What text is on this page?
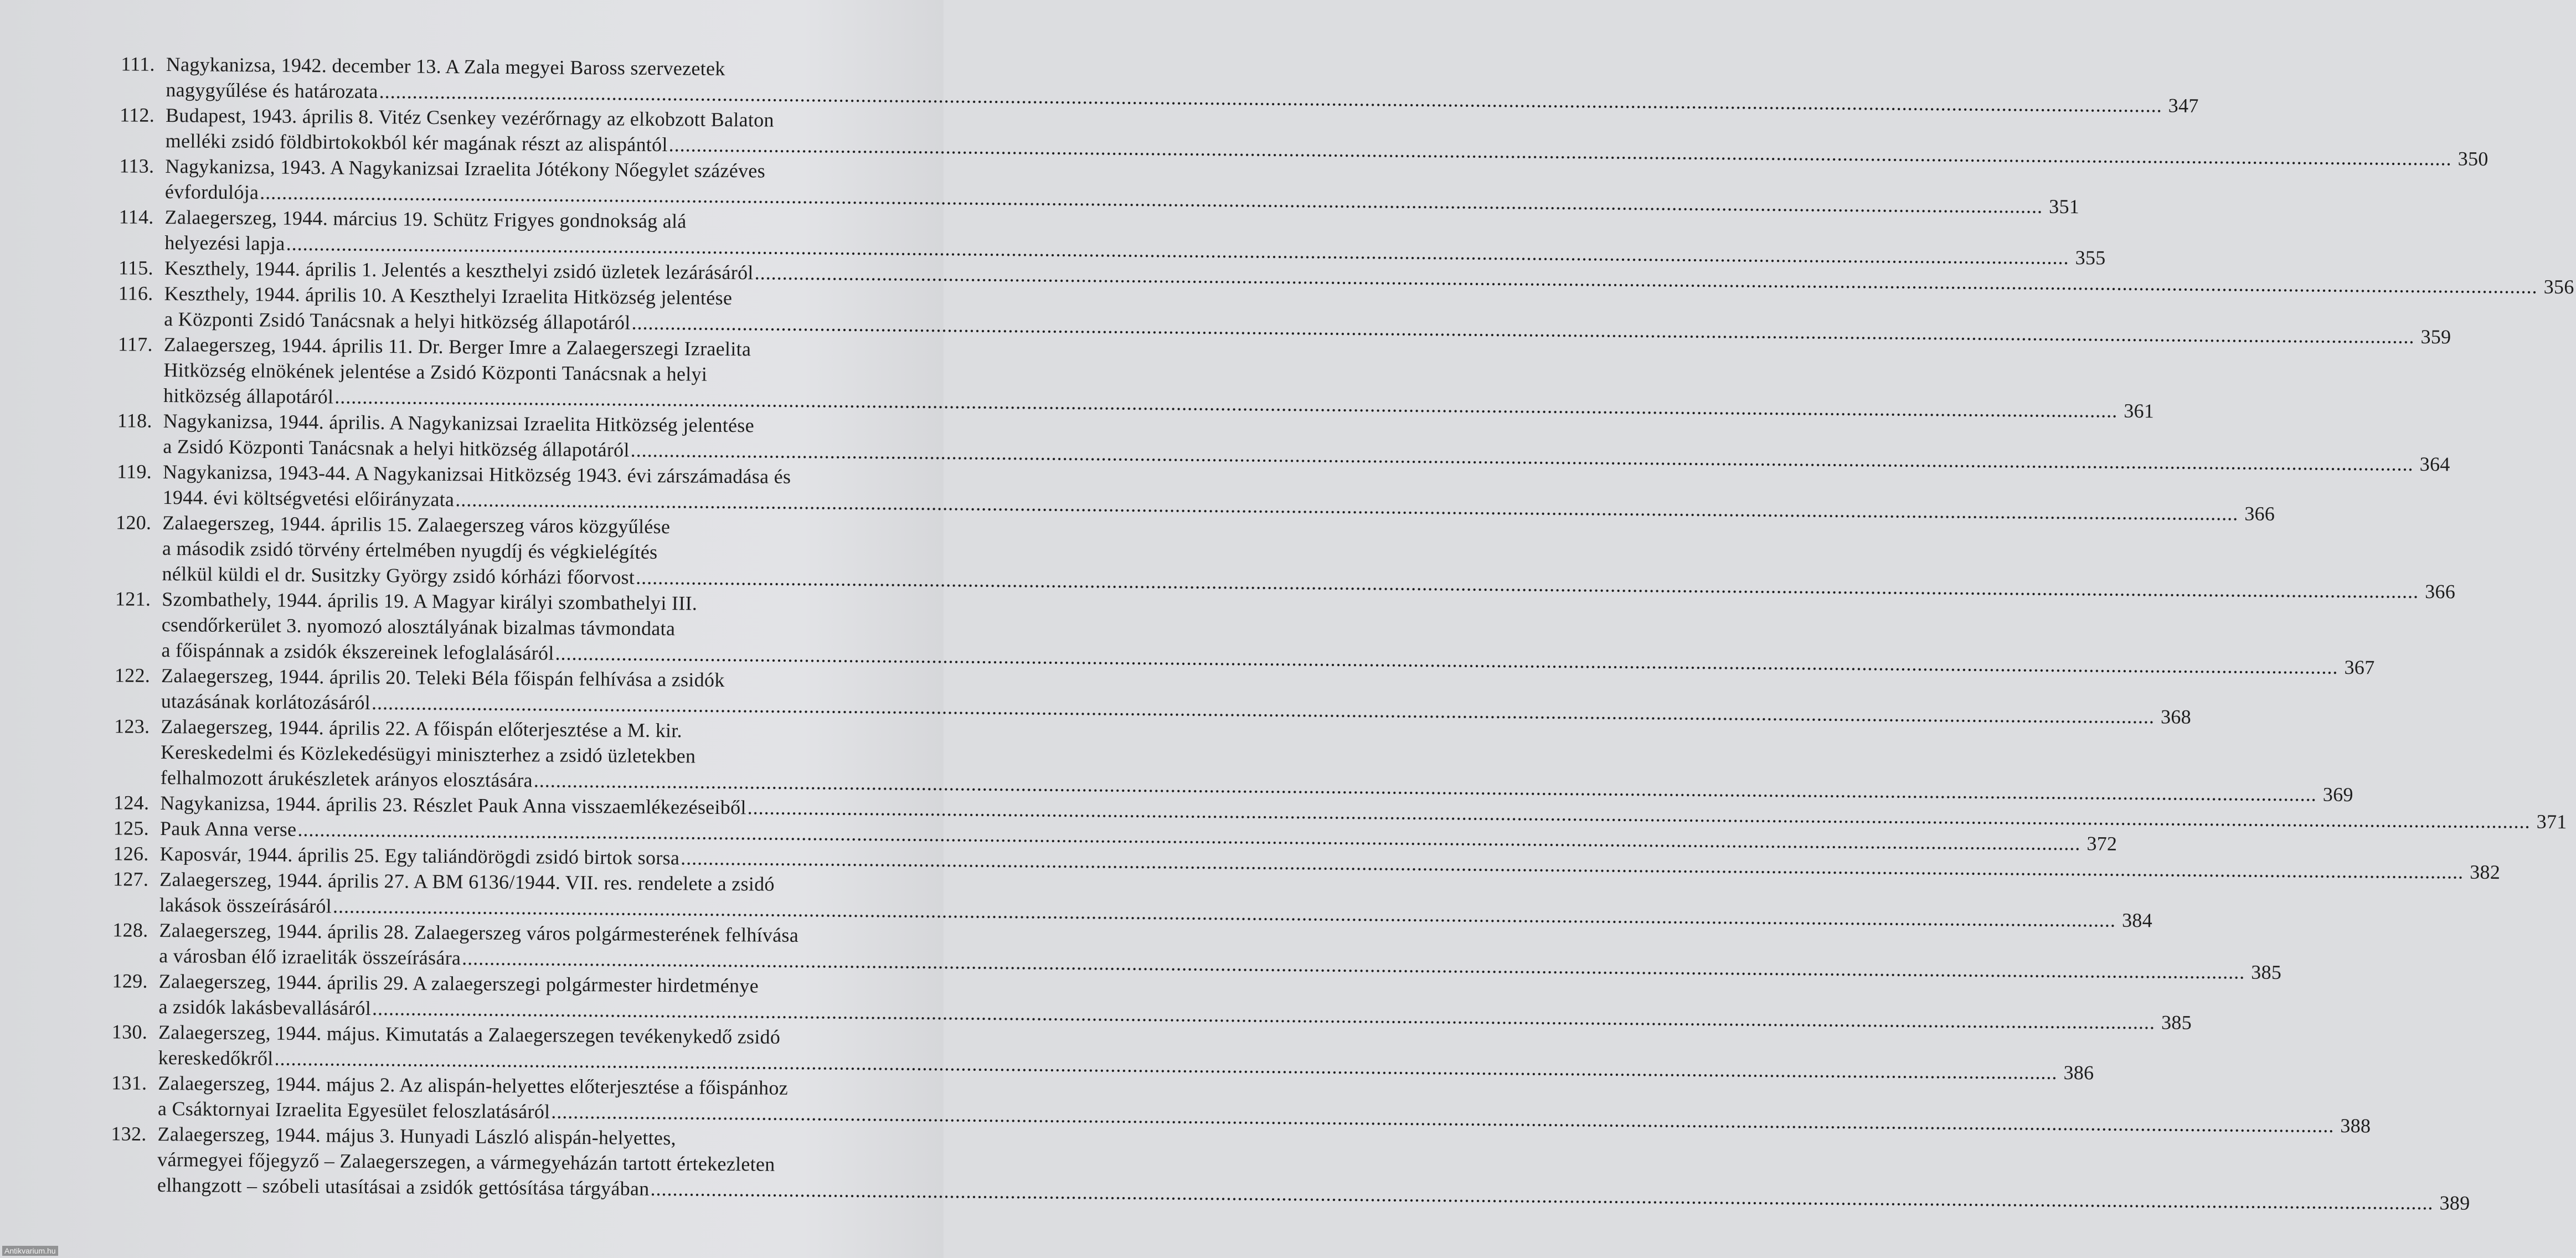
111. Nagykanizsa, 1942. december 13. A Zala megyei Baross szervezetek
nagygyűlése és határozata
.....
347
112. Budapest, 1943. április 8. Vitéz Csenkey vezérőrnagy az elkobzott Balaton
melléki zsidó földbirtokokból kér magának részt az alispántól
.....
350
113. Nagykanizsa, 1943. A Nagykanizsai Izraelita Jótékony Nőegylet százéves
évfordulója
.....
351
114. Zalaegerszeg, 1944. március 19. Schütz Frigyes gondnokság alá
helyezési lapja
.....
355
115. Keszthely, 1944. április 1. Jelentés a keszthelyi zsidó üzletek lezárásáról
.....
356
116. Keszthely, 1944. április 10. A Keszthelyi Izraelita Hitközség jelentése
a Központi Zsidó Tanácsnak a helyi hitközség állapotáról
.....
359
117. Zalaegerszeg, 1944. április 11. Dr. Berger Imre a Zalaegerszegi Izraelita
Hitközség elnökének jelentése a Zsidó Központi Tanácsnak a helyi
hitközség állapotáról
.....
361
118. Nagykanizsa, 1944. április. A Nagykanizsai Izraelita Hitközség jelentése
a Zsidó Központi Tanácsnak a helyi hitközség állapotáról
.....
364
119. Nagykanizsa, 1943-44. A Nagykanizsai Hitközség 1943. évi zárszámadása és
1944. évi költségvetési előirányzata
.....
366
120. Zalaegerszeg, 1944. április 15. Zalaegerszeg város közgyűlése
a második zsidó törvény értelmében nyugdíj és végkielégítés
nélkül küldi el dr. Susitzky György zsidó kórházi főorvost
.....
366
121. Szombathely, 1944. április 19. A Magyar királyi szombathelyi III.
csendőrkerület 3. nyomozó alosztályának bizalmas távmondata
a főispánnak a zsidók ékszereinek lefoglalásáról
.....
367
122. Zalaegerszeg, 1944. április 20. Teleki Béla főispán felhívása a zsidók
utazásának korlátozásáról
.....
368
123. Zalaegerszeg, 1944. április 22. A főispán előterjesztése a M. kir.
Kereskedelmi és Közlekedésügyi miniszterhez a zsidó üzletekben
felhalmozott árukészletek arányos elosztására
.....
369
124. Nagykanizsa, 1944. április 23. Részlet Pauk Anna visszaemlékezéseiből
.....
371
125. Pauk Anna verse
.....
372
126. Kaposvár, 1944. április 25. Egy taliándörögdi zsidó birtok sorsa
.....
382
127. Zalaegerszeg, 1944. április 27. A BM 6136/1944. VII. res. rendelete a zsidó
lakások összeírásáról
.....
384
128. Zalaegerszeg, 1944. április 28. Zalaegerszeg város polgármesterének felhívása
a városban élő izraeliták összeírására
.....
385
129. Zalaegerszeg, 1944. április 29. A zalaegerszegi polgármester hirdetménye
a zsidók lakásbevallásáról
.....
385
130. Zalaegerszeg, 1944. május. Kimutatás a Zalaegerszegen tevékenykedő zsidó
kereskedőkről
.....
386
131. Zalaegerszeg, 1944. május 2. Az alispán-helyettes előterjesztése a főispánhoz
a Csáktornyai Izraelita Egyesület feloszlatásáról
.....
388
132. Zalaegerszeg, 1944. május 3. Hunyadi László alispán-helyettes,
vármegyei főjegyző – Zalaegerszegen, a vármegyeházán tartott értekezleten
elhangzott – szóbeli utasításai a zsidók gettósítása tárgyában
.....
389
Antikvarium.hu
